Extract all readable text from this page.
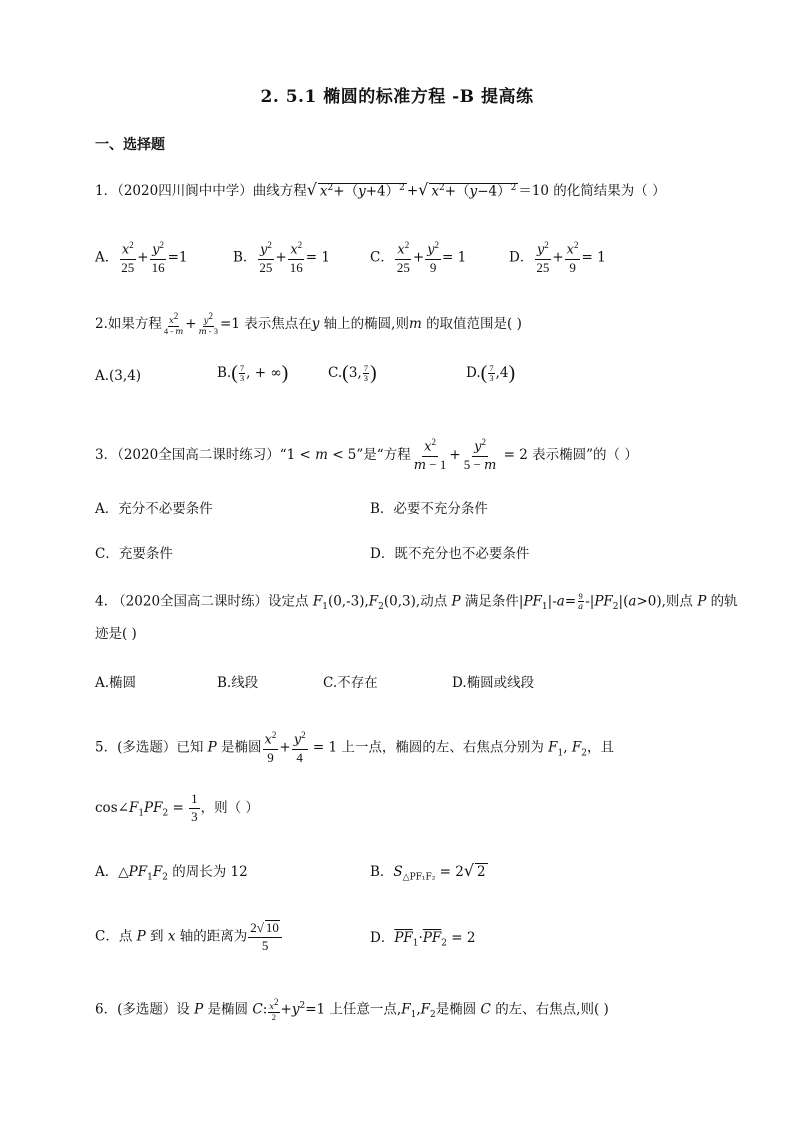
2. 5.1 椭圆的标准方程 -B 提高练
一、选择题
1．（2020四川阆中中学）曲线方程√ $x^2+(y+4)^2$ +√ $x^2+(y-4)^2 =10$ 的化简结果为（ ）
A． $\frac{x^2}{25} + \frac{y^2}{16} =1$	B． $\frac{y^2}{25} + \frac{x^2}{16} = 1$	C． $\frac{x^2}{25} + \frac{y^2}{9} = 1$	D． $\frac{y^2}{25} + \frac{x^2}{9} = 1$
2.如果方程 $\frac{x^2}{4 - m} + \frac{y^2}{m - 3} =1$ 表示焦点在y 轴上的椭圆,则m 的取值范围是( )
A.(3,4)	$B.( \frac{7}{3}$ , + ∞)	C.(3, $\frac{7}{3}$ )	$D.( \frac{7}{3} ,4)$
3．（2020全国高二课时练习）“1 < m < 5”是“方程 $\frac{x^2}{m - 1} + \frac{y^2}{5 - m} = 2$ 表示椭圆”的（ ）
A．充分不必要条件	B．必要不充分条件
C．充要条件	D．既不充分也不必要条件
4. （2020全国高二课时练）设定点 $F_1(0,-3),F_2(0,3)$,动点 P 满足条件$|PF_1|-a= \frac{9}{a} -|PF_2|(a>0)$,则点 P 的轨
迹是( )
A.椭圆	B.线段	C.不存在	D.椭圆或线段
5．(多选题）已知 P 是椭圆 $\frac{x^2}{9} + \frac{y^2}{4} = 1$ 上一点，椭圆的左、右焦点分别为 $F_1$, $F_2$，且
$\cos\angle F_1PF_2 = \frac{1}{3}$ ，则（ ）
A．$\triangle PF_1F_2$ 的周长为 12	B．$S_{\triangle PF_1F_2} = 2√$ 2
C．点 P 到 x 轴的距离为 $\frac{2√ 10}{5}$	D．$\overline{PF}_1\cdot\overline{PF}_2 = 2$
6．(多选题）设 P 是椭圆 C: $\frac{x^2}{2} +y^2=1$ 上任意一点$,F_1,F_2$是椭圆 C 的左、右焦点,则( )
